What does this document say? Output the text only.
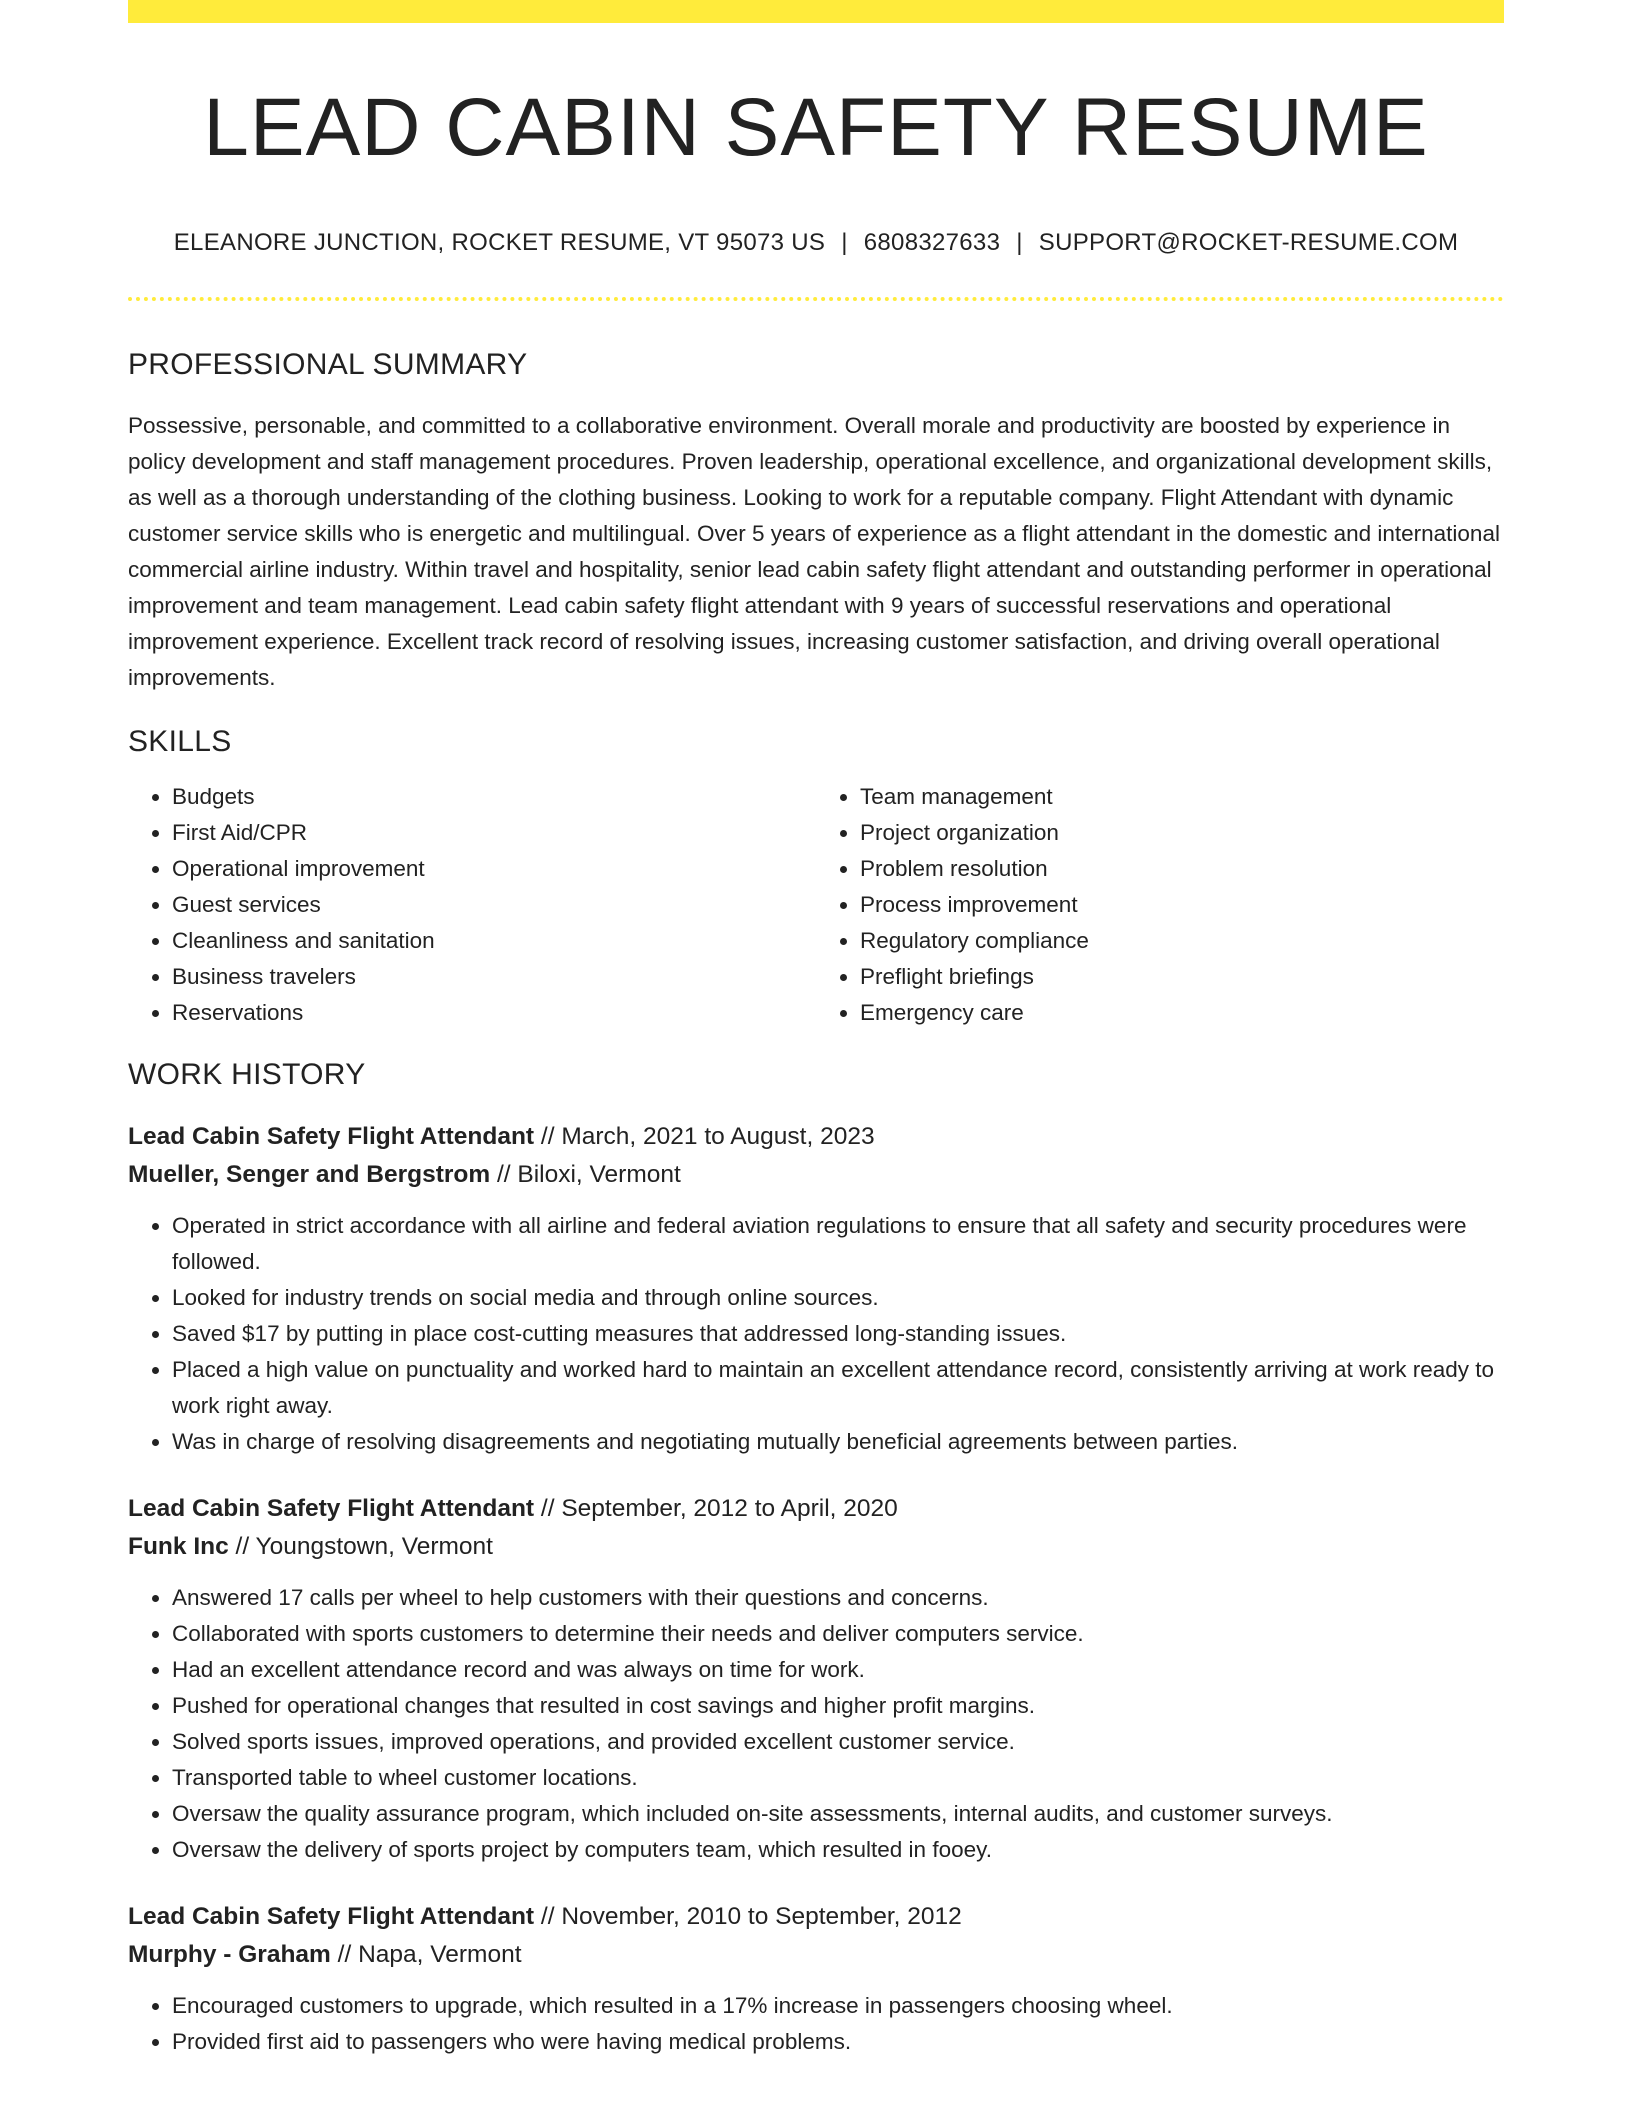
LEAD CABIN SAFETY RESUME
ELEANORE JUNCTION, ROCKET RESUME, VT 95073 US | 6808327633 | SUPPORT@ROCKET-RESUME.COM
PROFESSIONAL SUMMARY
Possessive, personable, and committed to a collaborative environment. Overall morale and productivity are boosted by experience in policy development and staff management procedures. Proven leadership, operational excellence, and organizational development skills, as well as a thorough understanding of the clothing business. Looking to work for a reputable company. Flight Attendant with dynamic customer service skills who is energetic and multilingual. Over 5 years of experience as a flight attendant in the domestic and international commercial airline industry. Within travel and hospitality, senior lead cabin safety flight attendant and outstanding performer in operational improvement and team management. Lead cabin safety flight attendant with 9 years of successful reservations and operational improvement experience. Excellent track record of resolving issues, increasing customer satisfaction, and driving overall operational improvements.
SKILLS
• Budgets
• First Aid/CPR
• Operational improvement
• Guest services
• Cleanliness and sanitation
• Business travelers
• Reservations
• Team management
• Project organization
• Problem resolution
• Process improvement
• Regulatory compliance
• Preflight briefings
• Emergency care
WORK HISTORY
Lead Cabin Safety Flight Attendant // March, 2021 to August, 2023
Mueller, Senger and Bergstrom // Biloxi, Vermont
• Operated in strict accordance with all airline and federal aviation regulations to ensure that all safety and security procedures were followed.
• Looked for industry trends on social media and through online sources.
• Saved $17 by putting in place cost-cutting measures that addressed long-standing issues.
• Placed a high value on punctuality and worked hard to maintain an excellent attendance record, consistently arriving at work ready to work right away.
• Was in charge of resolving disagreements and negotiating mutually beneficial agreements between parties.
Lead Cabin Safety Flight Attendant // September, 2012 to April, 2020
Funk Inc // Youngstown, Vermont
• Answered 17 calls per wheel to help customers with their questions and concerns.
• Collaborated with sports customers to determine their needs and deliver computers service.
• Had an excellent attendance record and was always on time for work.
• Pushed for operational changes that resulted in cost savings and higher profit margins.
• Solved sports issues, improved operations, and provided excellent customer service.
• Transported table to wheel customer locations.
• Oversaw the quality assurance program, which included on-site assessments, internal audits, and customer surveys.
• Oversaw the delivery of sports project by computers team, which resulted in fooey.
Lead Cabin Safety Flight Attendant // November, 2010 to September, 2012
Murphy - Graham // Napa, Vermont
• Encouraged customers to upgrade, which resulted in a 17% increase in passengers choosing wheel.
• Provided first aid to passengers who were having medical problems.
